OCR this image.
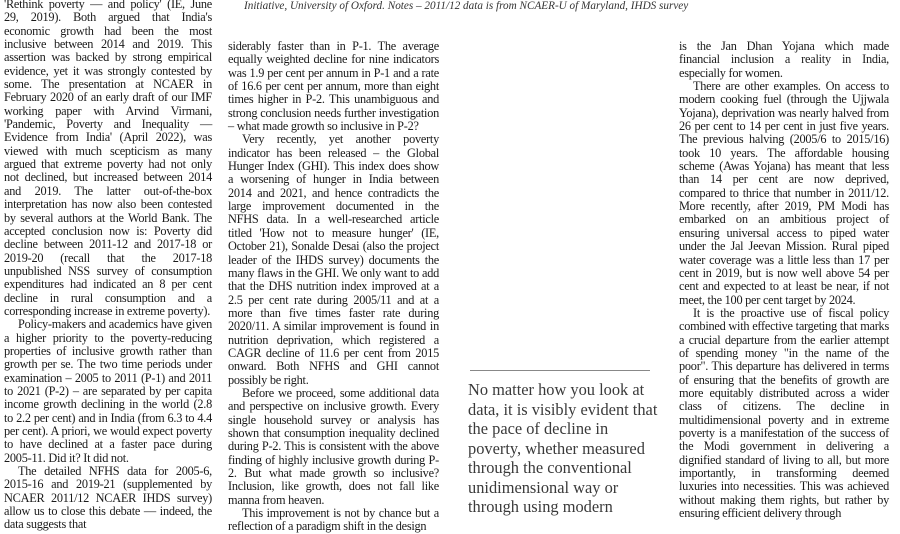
Initiative, University of Oxford. Notes – 2011/12 data is from NCAER-U of Maryland, IHDS survey

'Rethink poverty — and policy' (IE, June 29, 2019). Both argued that India's economic growth had been the most inclusive between 2014 and 2019. This assertion was backed by strong empirical evidence, yet it was strongly contested by some. The presentation at NCAER in February 2020 of an early draft of our IMF working paper with Arvind Virmani, 'Pandemic, Poverty and Inequality — Evidence from India' (April 2022), was viewed with much scepticism as many argued that extreme poverty had not only not declined, but increased between 2014 and 2019. The latter out-of-the-box interpretation has now also been contested by several authors at the World Bank. The accepted conclusion now is: Poverty did decline between 2011-12 and 2017-18 or 2019-20 (recall that the 2017-18 unpublished NSS survey of consumption expenditures had indicated an 8 per cent decline in rural consumption and a corresponding increase in extreme poverty).

Policy-makers and academics have given a higher priority to the poverty-reducing properties of inclusive growth rather than growth per se. The two time periods under examination – 2005 to 2011 (P-1) and 2011 to 2021 (P-2) – are separated by per capita income growth declining in the world (2.8 to 2.2 per cent) and in India (from 6.3 to 4.4 per cent). A priori, we would expect poverty to have declined at a faster pace during 2005-11. Did it? It did not.

The detailed NFHS data for 2005-6, 2015-16 and 2019-21 (supplemented by NCAER 2011/12 NCAER IHDS survey) allow us to close this debate — indeed, the data suggests that

siderably faster than in P-1. The average equally weighted decline for nine indicators was 1.9 per cent per annum in P-1 and a rate of 16.6 per cent per annum, more than eight times higher in P-2. This unambiguous and strong conclusion needs further investigation – what made growth so inclusive in P-2?

Very recently, yet another poverty indicator has been released – the Global Hunger Index (GHI). This index does show a worsening of hunger in India between 2014 and 2021, and hence contradicts the large improvement documented in the NFHS data. In a well-researched article titled 'How not to measure hunger' (IE, October 21), Sonalde Desai (also the project leader of the IHDS survey) documents the many flaws in the GHI. We only want to add that the DHS nutrition index improved at a 2.5 per cent rate during 2005/11 and at a more than five times faster rate during 2020/11. A similar improvement is found in nutrition deprivation, which registered a CAGR decline of 11.6 per cent from 2015 onward. Both NFHS and GHI cannot possibly be right.

Before we proceed, some additional data and perspective on inclusive growth. Every single household survey or analysis has shown that consumption inequality declined during P-2. This is consistent with the above finding of highly inclusive growth during P-2. But what made growth so inclusive? Inclusion, like growth, does not fall like manna from heaven.

This improvement is not by chance but a reflection of a paradigm shift in the design

No matter how you look at data, it is visibly evident that the pace of decline in poverty, whether measured through the conventional unidimensional way or through using modern

is the Jan Dhan Yojana which made financial inclusion a reality in India, especially for women.

There are other examples. On access to modern cooking fuel (through the Ujjwala Yojana), deprivation was nearly halved from 26 per cent to 14 per cent in just five years. The previous halving (2005/6 to 2015/16) took 10 years. The affordable housing scheme (Awas Yojana) has meant that less than 14 per cent are now deprived, compared to thrice that number in 2011/12. More recently, after 2019, PM Modi has embarked on an ambitious project of ensuring universal access to piped water under the Jal Jeevan Mission. Rural piped water coverage was a little less than 17 per cent in 2019, but is now well above 54 per cent and expected to at least be near, if not meet, the 100 per cent target by 2024.

It is the proactive use of fiscal policy combined with effective targeting that marks a crucial departure from the earlier attempt of spending money "in the name of the poor". This departure has delivered in terms of ensuring that the benefits of growth are more equitably distributed across a wider class of citizens. The decline in multidimensional poverty and in extreme poverty is a manifestation of the success of the Modi government in delivering a dignified standard of living to all, but more importantly, in transforming deemed luxuries into necessities. This was achieved without making them rights, but rather by ensuring efficient delivery through
